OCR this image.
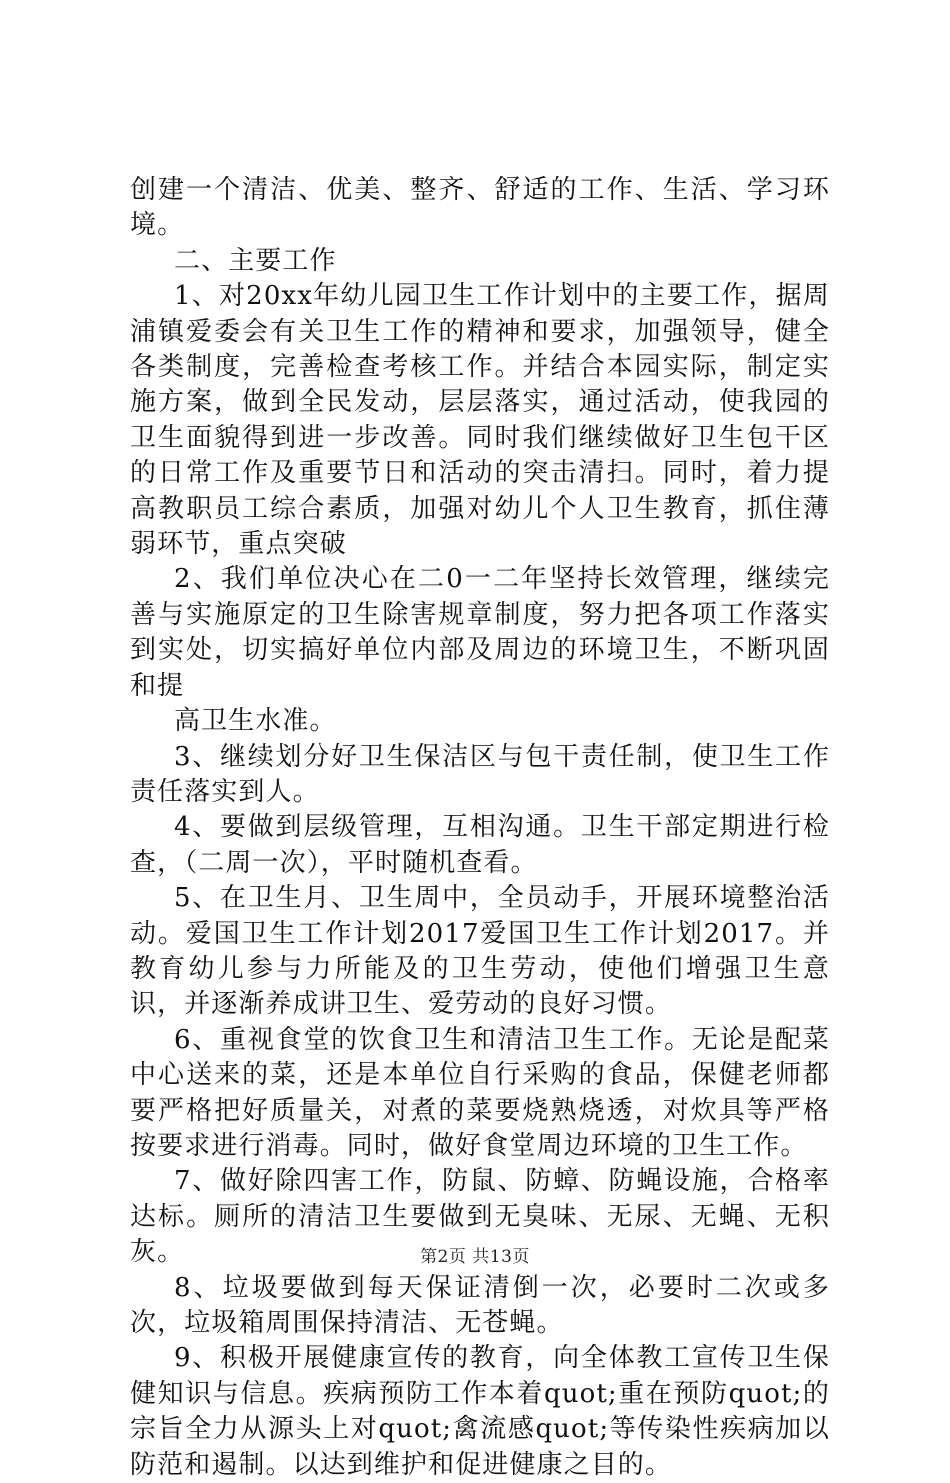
创建一个清洁、优美、整齐、舒适的工作、生活、学习环境。

二、主要工作

1、对20xx年幼儿园卫生工作计划中的主要工作，据周浦镇爱委会有关卫生工作的精神和要求，加强领导，健全各类制度，完善检查考核工作。并结合本园实际，制定实施方案，做到全民发动，层层落实，通过活动，使我园的卫生面貌得到进一步改善。同时我们继续做好卫生包干区的日常工作及重要节日和活动的突击清扫。同时，着力提高教职员工综合素质，加强对幼儿个人卫生教育，抓住薄弱环节，重点突破

2、我们单位决心在二0一二年坚持长效管理，继续完善与实施原定的卫生除害规章制度，努力把各项工作落实到实处，切实搞好单位内部及周边的环境卫生，不断巩固和提

高卫生水准。

3、继续划分好卫生保洁区与包干责任制，使卫生工作责任落实到人。

4、要做到层级管理，互相沟通。卫生干部定期进行检查，（二周一次），平时随机查看。

5、在卫生月、卫生周中，全员动手，开展环境整治活动。爱国卫生工作计划2017爱国卫生工作计划2017。并教育幼儿参与力所能及的卫生劳动，使他们增强卫生意识，并逐渐养成讲卫生、爱劳动的良好习惯。

6、重视食堂的饮食卫生和清洁卫生工作。无论是配菜中心送来的菜，还是本单位自行采购的食品，保健老师都要严格把好质量关，对煮的菜要烧熟烧透，对炊具等严格按要求进行消毒。同时，做好食堂周边环境的卫生工作。

7、做好除四害工作，防鼠、防蟑、防蝇设施，合格率达标。厕所的清洁卫生要做到无臭味、无尿、无蝇、无积灰。

8、垃圾要做到每天保证清倒一次，必要时二次或多次，垃圾箱周围保持清洁、无苍蝇。

9、积极开展健康宣传的教育，向全体教工宣传卫生保健知识与信息。疾病预防工作本着quot;重在预防quot;的宗旨全力从源头上对quot;禽流感quot;等传染性疾病加以防范和遏制。以达到维护和促进健康之目的。

第2页 共13页
